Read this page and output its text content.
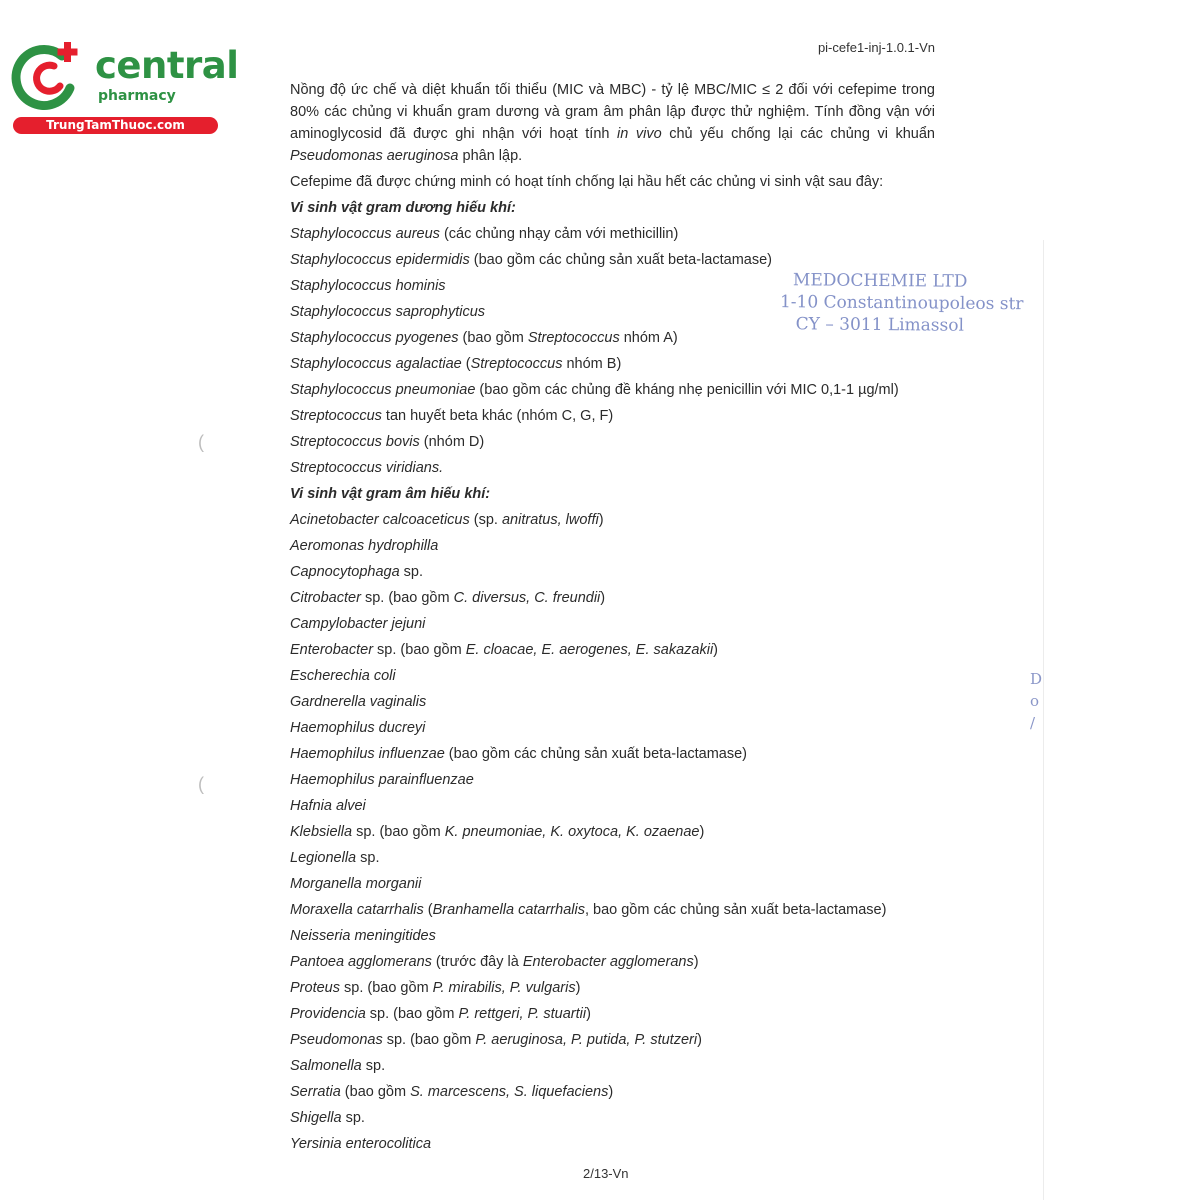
central
pharmacy
TrungTamThuoc.com
pi-cefe1-inj-1.0.1-Vn

Nồng độ ức chế và diệt khuẩn tối thiểu (MIC và MBC) - tỷ lệ MBC/MIC ≤ 2 đối với cefepime trong 80% các chủng vi khuẩn gram dương và gram âm phân lập được thử nghiệm. Tính đồng vận với aminoglycosid đã được ghi nhận với hoạt tính in vivo chủ yếu chống lại các chủng vi khuẩn Pseudomonas aeruginosa phân lập.

Cefepime đã được chứng minh có hoạt tính chống lại hầu hết các chủng vi sinh vật sau đây:
Vi sinh vật gram dương hiếu khí:
Staphylococcus aureus (các chủng nhạy cảm với methicillin)
Staphylococcus epidermidis (bao gồm các chủng sản xuất beta-lactamase)
Staphylococcus hominis
Staphylococcus saprophyticus
Staphylococcus pyogenes (bao gồm Streptococcus nhóm A)
Staphylococcus agalactiae (Streptococcus nhóm B)
Staphylococcus pneumoniae (bao gồm các chủng đề kháng nhẹ penicillin với MIC 0,1-1 µg/ml)
Streptococcus tan huyết beta khác (nhóm C, G, F)
Streptococcus bovis (nhóm D)
Streptococcus viridians.
Vi sinh vật gram âm hiếu khí:
Acinetobacter calcoaceticus (sp. anitratus, lwoffi)
Aeromonas hydrophilla
Capnocytophaga sp.
Citrobacter sp. (bao gồm C. diversus, C. freundii)
Campylobacter jejuni
Enterobacter sp. (bao gồm E. cloacae, E. aerogenes, E. sakazakii)
Escherechia coli
Gardnerella vaginalis
Haemophilus ducreyi
Haemophilus influenzae (bao gồm các chủng sản xuất beta-lactamase)
Haemophilus parainfluenzae
Hafnia alvei
Klebsiella sp. (bao gồm K. pneumoniae, K. oxytoca, K. ozaenae)
Legionella sp.
Morganella morganii
Moraxella catarrhalis (Branhamella catarrhalis, bao gồm các chủng sản xuất beta-lactamase)
Neisseria meningitides
Pantoea agglomerans (trước đây là Enterobacter agglomerans)
Proteus sp. (bao gồm P. mirabilis, P. vulgaris)
Providencia sp. (bao gồm P. rettgeri, P. stuartii)
Pseudomonas sp. (bao gồm P. aeruginosa, P. putida, P. stutzeri)
Salmonella sp.
Serratia (bao gồm S. marcescens, S. liquefaciens)
Shigella sp.
Yersinia enterocolitica
MEDOCHEMIE LTD
1-10 Constantinoupoleos str
CY – 3011 Limassol
D
o
/
(
(
2/13-Vn
